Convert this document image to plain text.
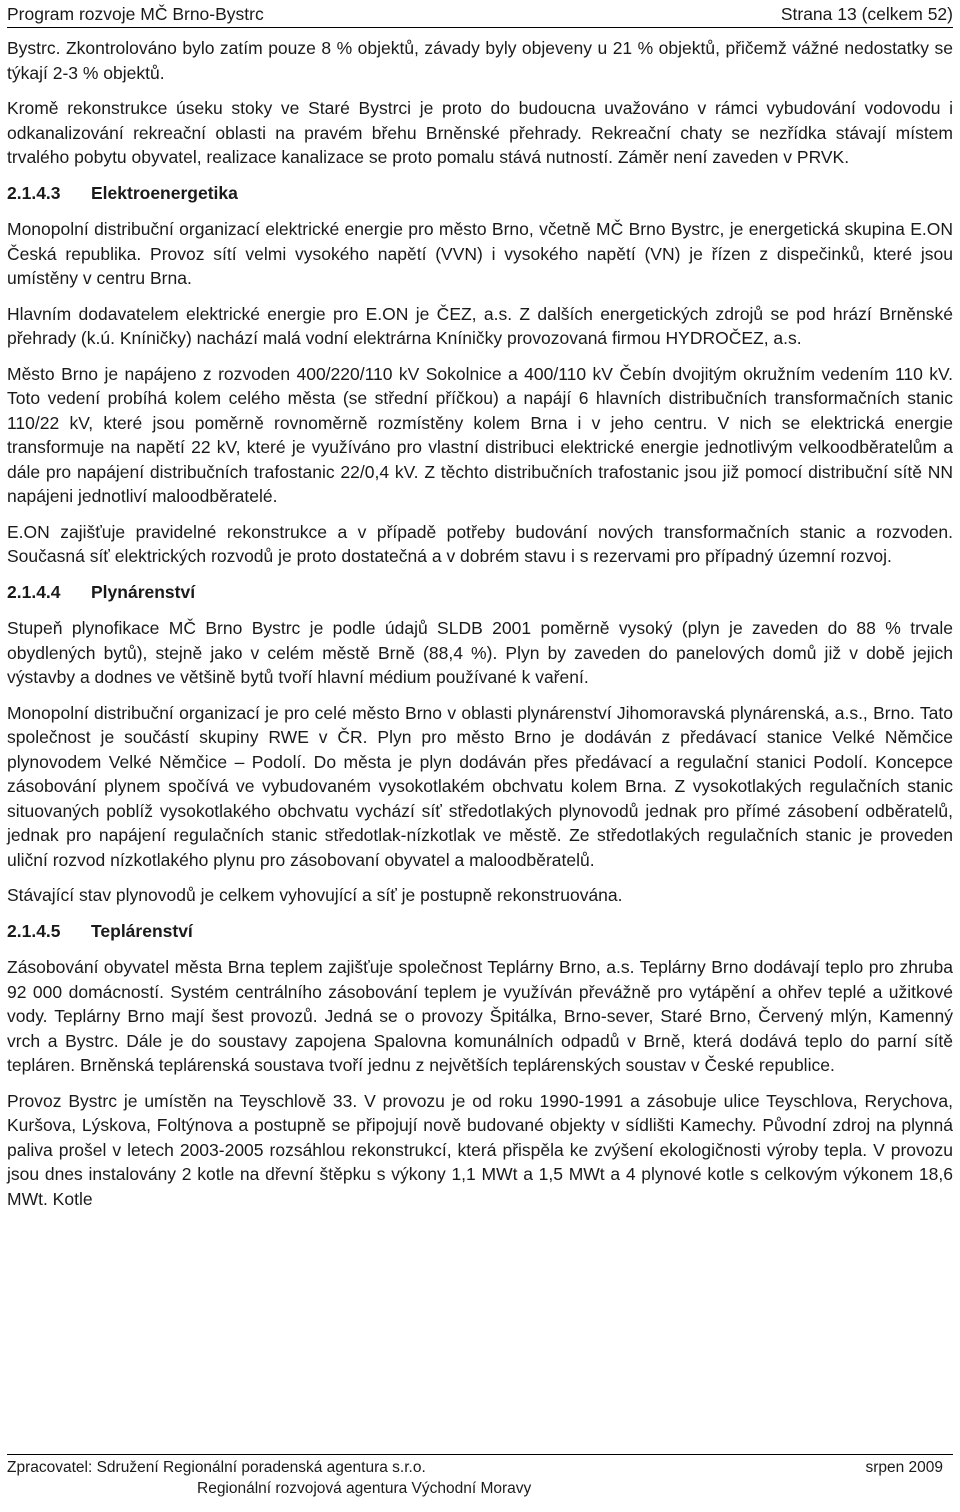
Program rozvoje MČ Brno-Bystrc	Strana 13 (celkem 52)

Bystrc. Zkontrolováno bylo zatím pouze 8 % objektů, závady byly objeveny u 21 % objektů, přičemž vážné nedostatky se týkají 2-3 % objektů.

Kromě rekonstrukce úseku stoky ve Staré Bystrci je proto do budoucna uvažováno v rámci vybudování vodovodu i odkanalizování rekreační oblasti na pravém břehu Brněnské přehrady. Rekreační chaty se nezřídka stávají místem trvalého pobytu obyvatel, realizace kanalizace se proto pomalu stává nutností. Záměr není zaveden v PRVK.

2.1.4.3 Elektroenergetika

Monopolní distribuční organizací elektrické energie pro město Brno, včetně MČ Brno Bystrc, je energetická skupina E.ON Česká republika. Provoz sítí velmi vysokého napětí (VVN) i vysokého napětí (VN) je řízen z dispečinků, které jsou umístěny v centru Brna.

Hlavním dodavatelem elektrické energie pro E.ON je ČEZ, a.s. Z dalších energetických zdrojů se pod hrází Brněnské přehrady (k.ú. Kníničky) nachází malá vodní elektrárna Kníničky provozovaná firmou HYDROČEZ, a.s.

Město Brno je napájeno z rozvoden 400/220/110 kV Sokolnice a 400/110 kV Čebín dvojitým okružním vedením 110 kV. Toto vedení probíhá kolem celého města (se střední příčkou) a napájí 6 hlavních distribučních transformačních stanic 110/22 kV, které jsou poměrně rovnoměrně rozmístěny kolem Brna i v jeho centru. V nich se elektrická energie transformuje na napětí 22 kV, které je využíváno pro vlastní distribuci elektrické energie jednotlivým velkoodběratelům a dále pro napájení distribučních trafostanic 22/0,4 kV. Z těchto distribučních trafostanic jsou již pomocí distribuční sítě NN napájeni jednotliví maloodběratelé.

E.ON zajišťuje pravidelné rekonstrukce a v případě potřeby budování nových transformačních stanic a rozvoden. Současná síť elektrických rozvodů je proto dostatečná a v dobrém stavu i s rezervami pro případný územní rozvoj.

2.1.4.4 Plynárenství

Stupeň plynofikace MČ Brno Bystrc je podle údajů SLDB 2001 poměrně vysoký (plyn je zaveden do 88 % trvale obydlených bytů), stejně jako v celém městě Brně (88,4 %). Plyn by zaveden do panelových domů již v době jejich výstavby a dodnes ve většině bytů tvoří hlavní médium používané k vaření.

Monopolní distribuční organizací je pro celé město Brno v oblasti plynárenství Jihomoravská plynárenská, a.s., Brno. Tato společnost je součástí skupiny RWE v ČR. Plyn pro město Brno je dodáván z předávací stanice Velké Němčice plynovodem Velké Němčice – Podolí. Do města je plyn dodáván přes předávací a regulační stanici Podolí. Koncepce zásobování plynem spočívá ve vybudovaném vysokotlakém obchvatu kolem Brna. Z vysokotlakých regulačních stanic situovaných poblíž vysokotlakého obchvatu vychází síť středotlakých plynovodů jednak pro přímé zásobení odběratelů, jednak pro napájení regulačních stanic středotlak-nízkotlak ve městě. Ze středotlakých regulačních stanic je proveden uliční rozvod nízkotlakého plynu pro zásobovaní obyvatel a maloodběratelů.

Stávající stav plynovodů je celkem vyhovující a síť je postupně rekonstruována.

2.1.4.5 Teplárenství

Zásobování obyvatel města Brna teplem zajišťuje společnost Teplárny Brno, a.s. Teplárny Brno dodávají teplo pro zhruba 92 000 domácností. Systém centrálního zásobování teplem je využíván převážně pro vytápění a ohřev teplé a užitkové vody. Teplárny Brno mají šest provozů. Jedná se o provozy Špitálka, Brno-sever, Staré Brno, Červený mlýn, Kamenný vrch a Bystrc. Dále je do soustavy zapojena Spalovna komunálních odpadů v Brně, která dodává teplo do parní sítě tepláren. Brněnská teplárenská soustava tvoří jednu z největších teplárenských soustav v České republice.

Provoz Bystrc je umístěn na Teyschlově 33. V provozu je od roku 1990-1991 a zásobuje ulice Teyschlova, Rerychova, Kuršova, Lýskova, Foltýnova a postupně se připojují nově budované objekty v sídlišti Kamechy. Původní zdroj na plynná paliva prošel v letech 2003-2005 rozsáhlou rekonstrukcí, která přispěla ke zvýšení ekologičnosti výroby tepla. V provozu jsou dnes instalovány 2 kotle na dřevní štěpku s výkony 1,1 MWt a 1,5 MWt a 4 plynové kotle s celkovým výkonem 18,6 MWt. Kotle

Zpracovatel: Sdružení Regionální poradenská agentura s.r.o.	srpen 2009
Regionální rozvojová agentura Východní Moravy
